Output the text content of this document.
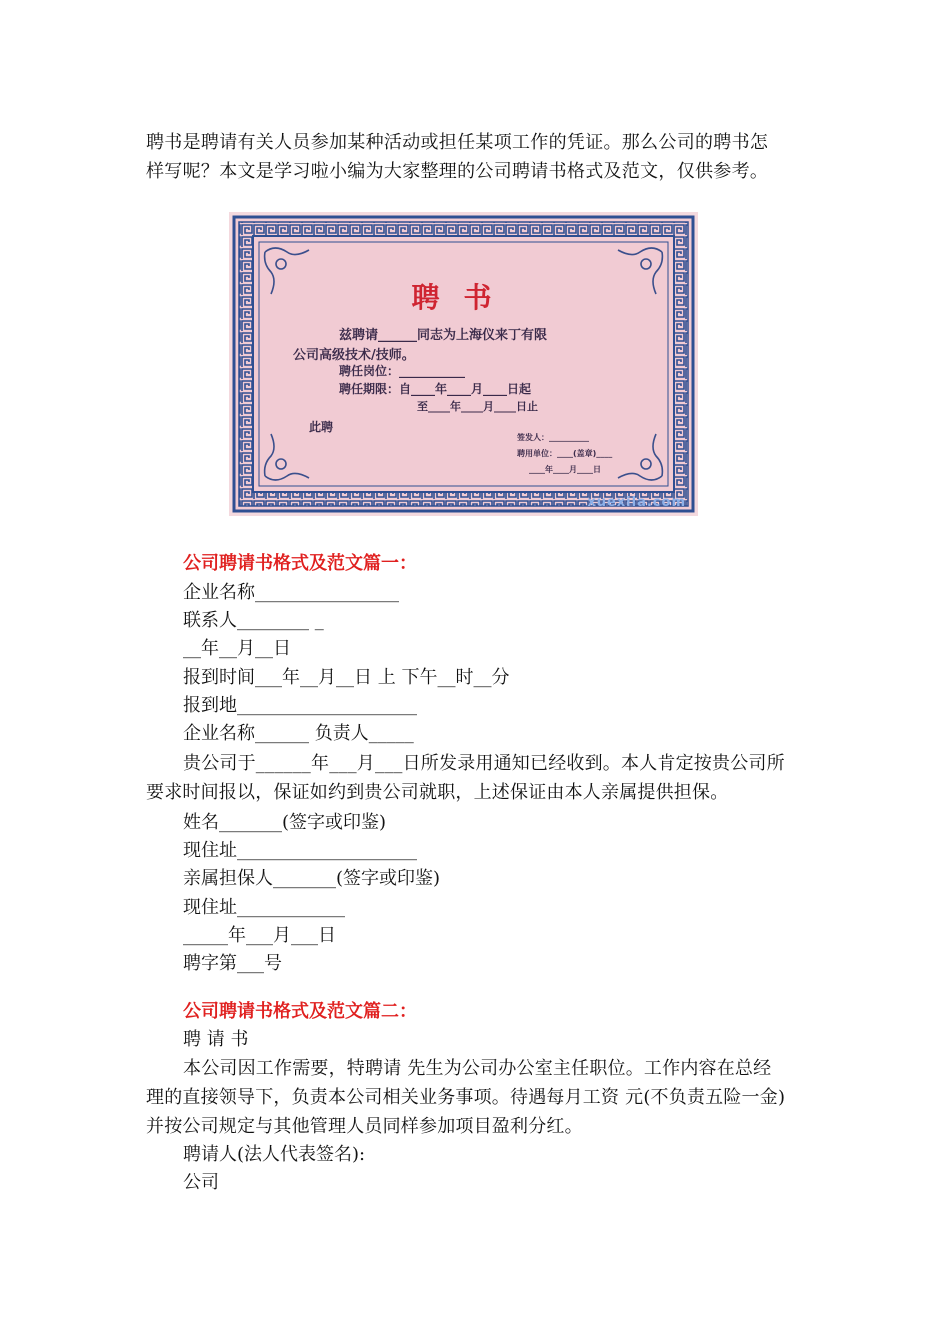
聘书是聘请有关人员参加某种活动或担任某项工作的凭证。那么公司的聘书怎样写呢？本文是学习啦小编为大家整理的公司聘请书格式及范文，仅供参考。

聘书
兹聘请______同志为上海仪来丁有限
公司高级技术/技师。
聘任岗位：___________
聘任期限：自____年____月____日起
至____年____月____日止
此聘
签发人：__________
聘用单位：____(盖章)____
____年____月____日
xuexila.com
公司聘请书格式及范文篇一：
企业名称________________
联系人________ _
__年__月__日
报到时间___年__月__日 上 下午__时__分
报到地____________________
企业名称______ 负责人_____

贵公司于______年___月___日所发录用通知已经收到。本人肯定按贵公司所要求时间报以，保证如约到贵公司就职，上述保证由本人亲属提供担保。

姓名_______(签字或印鉴)
现住址____________________
亲属担保人_______(签字或印鉴)
现住址____________
_____年___月___日
聘字第___号
公司聘请书格式及范文篇二：
聘 请 书

本公司因工作需要，特聘请 先生为公司办公室主任职位。工作内容在总经理的直接领导下，负责本公司相关业务事项。待遇每月工资 元(不负责五险一金)并按公司规定与其他管理人员同样参加项目盈利分红。

聘请人(法人代表签名):
公司
